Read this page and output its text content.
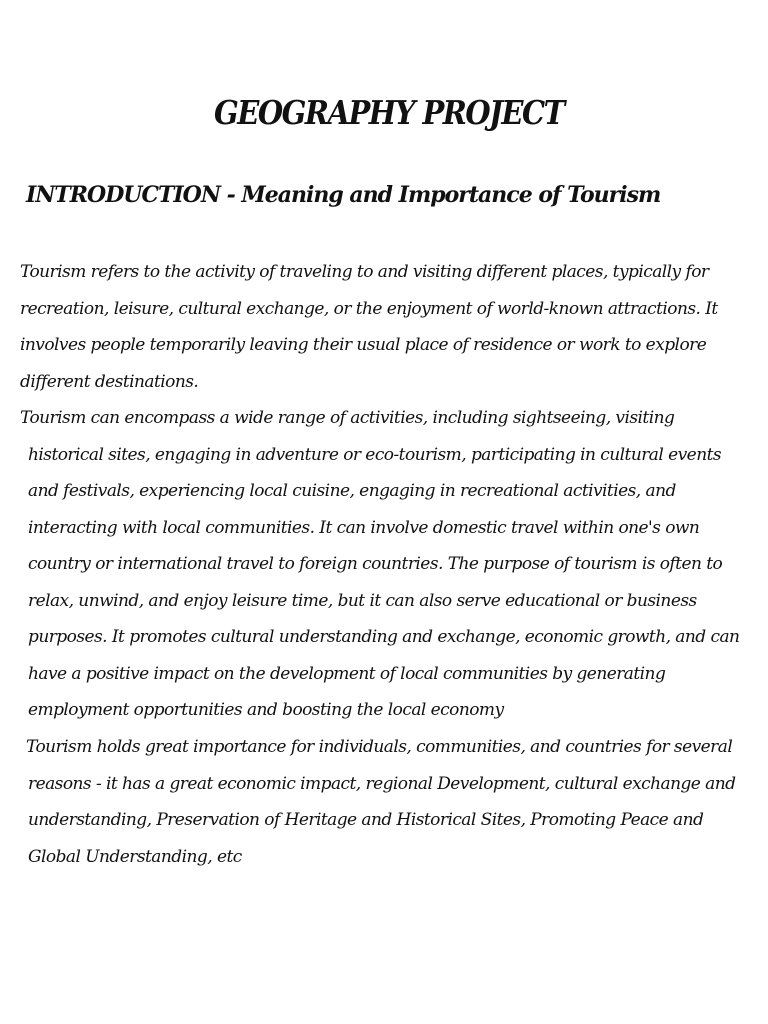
GEOGRAPHY PROJECT
INTRODUCTION - Meaning and Importance of Tourism
Tourism refers to the activity of traveling to and visiting different places, typically for
recreation, leisure, cultural exchange, or the enjoyment of world-known attractions. It
involves people temporarily leaving their usual place of residence or work to explore
different destinations.
Tourism can encompass a wide range of activities, including sightseeing, visiting
historical sites, engaging in adventure or eco-tourism, participating in cultural events
and festivals, experiencing local cuisine, engaging in recreational activities, and
interacting with local communities. It can involve domestic travel within one's own
country or international travel to foreign countries. The purpose of tourism is often to
relax, unwind, and enjoy leisure time, but it can also serve educational or business
purposes. It promotes cultural understanding and exchange, economic growth, and can
have a positive impact on the development of local communities by generating
employment opportunities and boosting the local economy
Tourism holds great importance for individuals, communities, and countries for several
reasons - it has a great economic impact, regional Development, cultural exchange and
understanding, Preservation of Heritage and Historical Sites, Promoting Peace and
Global Understanding, etc
